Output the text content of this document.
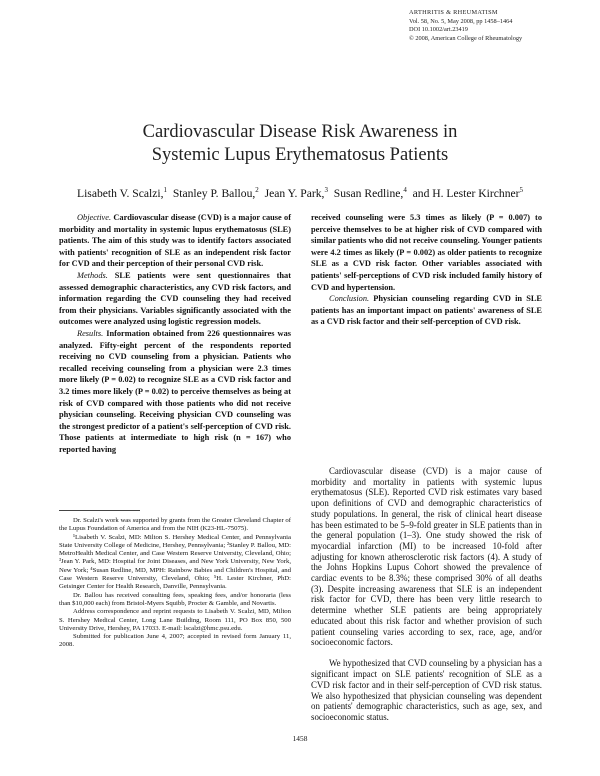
ARTHRITIS & RHEUMATISM
Vol. 58, No. 5, May 2008, pp 1458–1464
DOI 10.1002/art.23419
© 2008, American College of Rheumatology
Cardiovascular Disease Risk Awareness in
Systemic Lupus Erythematosus Patients
Lisabeth V. Scalzi,$^1$ Stanley P. Ballou,$^2$ Jean Y. Park,$^3$ Susan Redline,$^4$ and H. Lester Kirchner$^5$

Objective. Cardiovascular disease (CVD) is a major cause of morbidity and mortality in systemic lupus erythematosus (SLE) patients. The aim of this study was to identify factors associated with patients' recognition of SLE as an independent risk factor for CVD and their perception of their personal CVD risk.

Methods. SLE patients were sent questionnaires that assessed demographic characteristics, any CVD risk factors, and information regarding the CVD counseling they had received from their physicians. Variables significantly associated with the outcomes were analyzed using logistic regression models.

Results. Information obtained from 226 questionnaires was analyzed. Fifty-eight percent of the respondents reported receiving no CVD counseling from a physician. Patients who recalled receiving counseling from a physician were 2.3 times more likely (P = 0.02) to recognize SLE as a CVD risk factor and 3.2 times more likely (P = 0.02) to perceive themselves as being at risk of CVD compared with those patients who did not receive physician counseling. Receiving physician CVD counseling was the strongest predictor of a patient's self-perception of CVD risk. Those patients at intermediate to high risk (n = 167) who reported having

received counseling were 5.3 times as likely (P = 0.007) to perceive themselves to be at higher risk of CVD compared with similar patients who did not receive counseling. Younger patients were 4.2 times as likely (P = 0.002) as older patients to recognize SLE as a CVD risk factor. Other variables associated with patients' self-perceptions of CVD risk included family history of CVD and hypertension.

Conclusion. Physician counseling regarding CVD in SLE patients has an important impact on patients' awareness of SLE as a CVD risk factor and their self-perception of CVD risk.

Dr. Scalzi's work was supported by grants from the Greater Cleveland Chapter of the Lupus Foundation of America and from the NIH (K23-HL-75075).

¹Lisabeth V. Scalzi, MD: Milton S. Hershey Medical Center, and Pennsylvania State University College of Medicine, Hershey, Pennsylvania; ²Stanley P. Ballou, MD: MetroHealth Medical Center, and Case Western Reserve University, Cleveland, Ohio; ³Jean Y. Park, MD: Hospital for Joint Diseases, and New York University, New York, New York; ⁴Susan Redline, MD, MPH: Rainbow Babies and Children's Hospital, and Case Western Reserve University, Cleveland, Ohio; ⁵H. Lester Kirchner, PhD: Geisinger Center for Health Research, Danville, Pennsylvania.

Dr. Ballou has received consulting fees, speaking fees, and/or honoraria (less than $10,000 each) from Bristol-Myers Squibb, Procter & Gamble, and Novartis.

Address correspondence and reprint requests to Lisabeth V. Scalzi, MD, Milton S. Hershey Medical Center, Long Lane Building, Room 111, PO Box 850, 500 University Drive, Hershey, PA 17033. E-mail: lscalzi@hmc.psu.edu.

Submitted for publication June 4, 2007; accepted in revised form January 11, 2008.

Cardiovascular disease (CVD) is a major cause of morbidity and mortality in patients with systemic lupus erythematosus (SLE). Reported CVD risk estimates vary based upon definitions of CVD and demographic characteristics of study populations. In general, the risk of clinical heart disease has been estimated to be 5–9-fold greater in SLE patients than in the general population (1–3). One study showed the risk of myocardial infarction (MI) to be increased 10-fold after adjusting for known atherosclerotic risk factors (4). A study of the Johns Hopkins Lupus Cohort showed the prevalence of cardiac events to be 8.3%; these comprised 30% of all deaths (3). Despite increasing awareness that SLE is an independent risk factor for CVD, there has been very little research to determine whether SLE patients are being appropriately educated about this risk factor and whether provision of such patient counseling varies according to sex, race, age, and/or socioeconomic factors.

We hypothesized that CVD counseling by a physician has a significant impact on SLE patients' recognition of SLE as a CVD risk factor and in their self-perception of CVD risk status. We also hypothesized that physician counseling was dependent on patients' demographic characteristics, such as age, sex, and socioeconomic status.

1458
